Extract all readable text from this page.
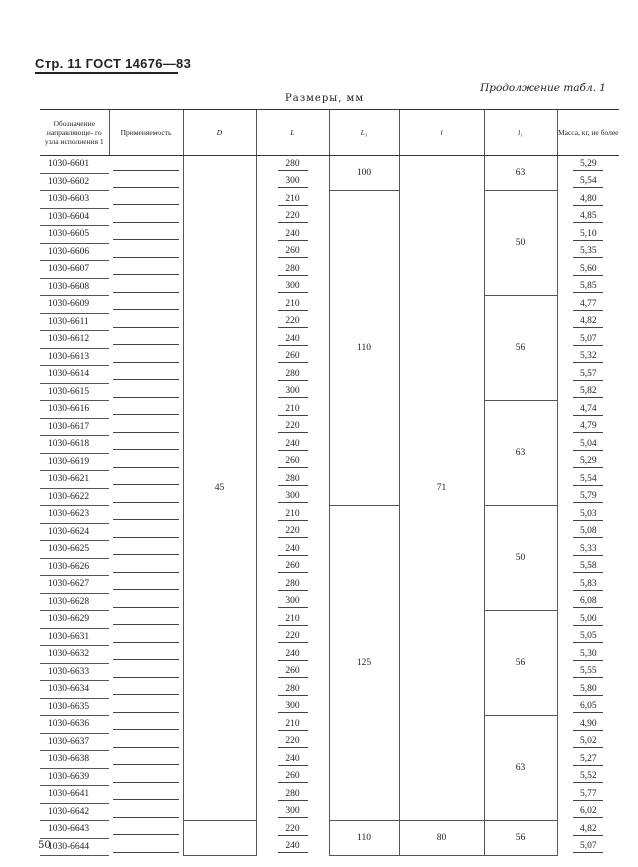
Стр. 11 ГОСТ 14676—83
Продолжение табл. 1
Размеры, мм
Обозначение направляюще- го узла исполнения 1	Применяемость	D	L	L₁	l	l₁	Масса, кг, не более
1030-6601		45	280	100	71	63	5,29
1030-6602			300				5,54
1030-6603			210	110		50	4,80
1030-6604			220				4,85
1030-6605			240				5,10
1030-6606			260				5,35
1030-6607			280				5,60
1030-6608			300				5,85
1030-6609			210			56	4,77
1030-6611			220				4,82
1030-6612			240				5,07
1030-6613			260				5,32
1030-6614			280				5,57
1030-6615			300				5,82
1030-6616			210			63	4,74
1030-6617			220				4,79
1030-6618			240				5,04
1030-6619			260				5,29
1030-6621			280				5,54
1030-6622			300				5,79
1030-6623			210	125		50	5,03
1030-6624			220				5,08
1030-6625			240				5,33
1030-6626			260				5,58
1030-6627			280				5,83
1030-6628			300				6,08
1030-6629			210			56	5,00
1030-6631			220				5,05
1030-6632			240				5,30
1030-6633			260				5,55
1030-6634			280				5,80
1030-6635			300				6,05
1030-6636			210			63	4,90
1030-6637			220				5,02
1030-6638			240				5,27
1030-6639			260				5,52
1030-6641			280				5,77
1030-6642			300				6,02
1030-6643			220	110	80	56	4,82
1030-6644			240				5,07
50
